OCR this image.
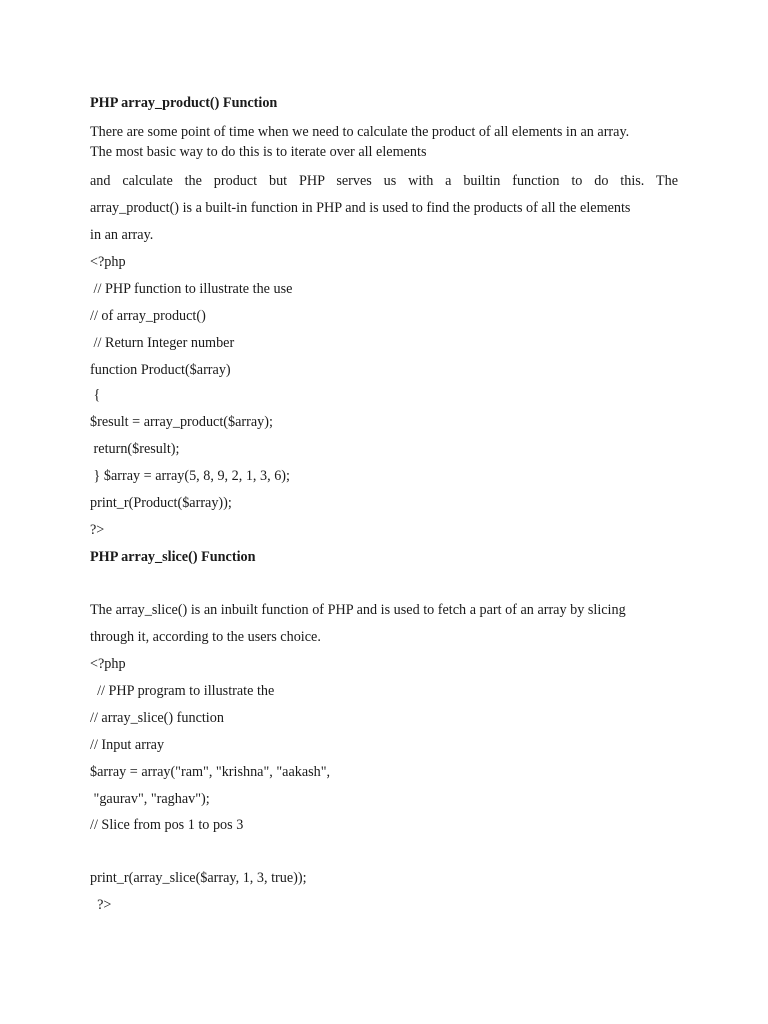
PHP array_product() Function
There are some point of time when we need to calculate the product of all elements in an array.
The most basic way to do this is to iterate over all elements
and calculate the product but PHP serves us with a builtin function to do this. The
array_product() is a built-in function in PHP and is used to find the products of all the elements
in an array.
<?php
// PHP function to illustrate the use
// of array_product()
// Return Integer number
function Product($array)
{
$result = array_product($array);
return($result);
} $array = array(5, 8, 9, 2, 1, 3, 6);
print_r(Product($array));
?>
PHP array_slice() Function
The array_slice() is an inbuilt function of PHP and is used to fetch a part of an array by slicing
through it, according to the users choice.
<?php
// PHP program to illustrate the
// array_slice() function
// Input array
$array = array("ram", "krishna", "aakash",
"gaurav", "raghav");
// Slice from pos 1 to pos 3
print_r(array_slice($array, 1, 3, true));
?>
